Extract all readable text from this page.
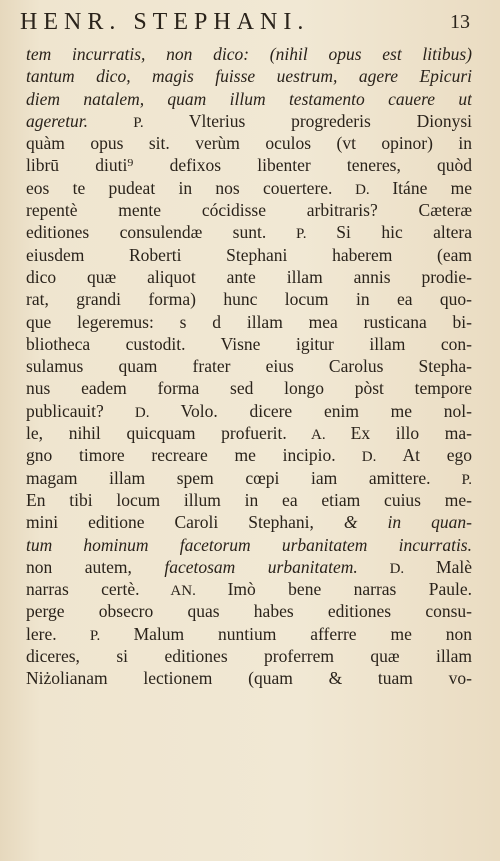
HENR. STEPHANI.	13
tem incurratis, non dico: (nihil opus est litibus)
tantum dico, magis fuisse uestrum, agere Epicuri
diem natalem, quam illum testamento cauere ut
ageretur. P. Vlterius progrederis Dionysi
quàm opus sit. verùm oculos (vt opinor) in
librū diuti⁹ defixos libenter teneres, quòd
eos te pudeat in nos couertere. D. Itáne me
repentè mente cócidisse arbitraris? Cæteræ
editiones consulendæ sunt. P. Si hic altera
eiusdem Roberti Stephani haberem (eam
dico quæ aliquot ante illam annis prodie-
rat, grandi forma) hunc locum in ea quo-
que legeremus: s d illam mea rusticana bi-
bliotheca custodit. Visne igitur illam con-
sulamus quam frater eius Carolus Stepha-
nus eadem forma sed longo pòst tempore
publicauit? D. Volo. dicere enim me nol-
le, nihil quicquam profuerit. A. Ex illo ma-
gno timore recreare me incipio. D. At ego
magam illam spem cœpi iam amittere. P.
En tibi locum illum in ea etiam cuius me-
mini editione Caroli Stephani, & in quan-
tum hominum facetorum urbanitatem incurratis.
non autem, facetosam urbanitatem. D. Malè
narras certè. AN. Imò bene narras Paule.
perge obsecro quas habes editiones consu-
lere. P. Malum nuntium afferre me non
diceres, si editiones proferrem quæ illam
Niżolianam lectionem (quam & tuam vo-
